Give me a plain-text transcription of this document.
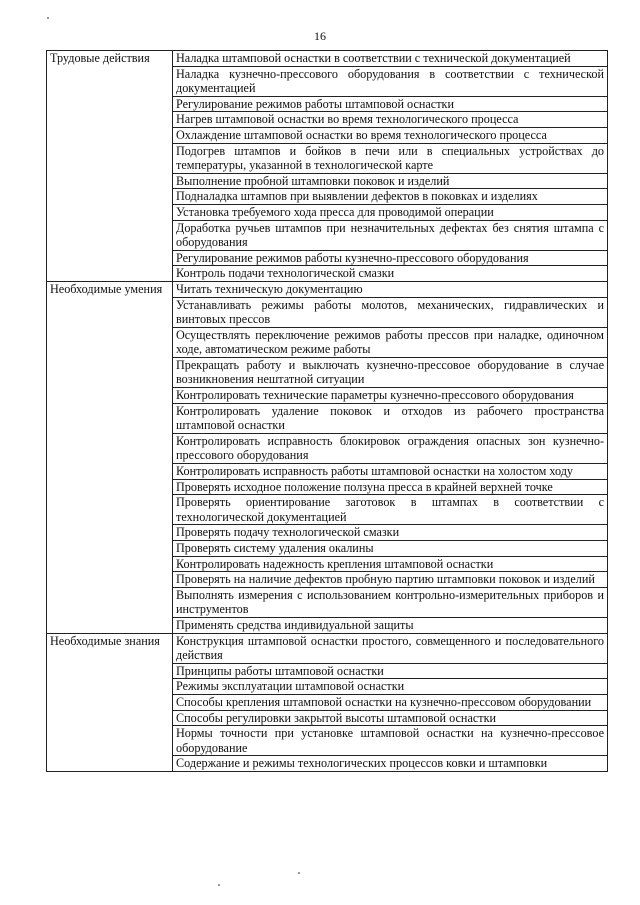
16
Трудовые действия	Наладка штамповой оснастки в соответствии с технической документацией
	Наладка кузнечно-прессового оборудования в соответствии с технической документацией
	Регулирование режимов работы штамповой оснастки
	Нагрев штамповой оснастки во время технологического процесса
	Охлаждение штамповой оснастки во время технологического процесса
	Подогрев штампов и бойков в печи или в специальных устройствах до температуры, указанной в технологической карте
	Выполнение пробной штамповки поковок и изделий
	Подналадка штампов при выявлении дефектов в поковках и изделиях
	Установка требуемого хода пресса для проводимой операции
	Доработка ручьев штампов при незначительных дефектах без снятия штампа с оборудования
	Регулирование режимов работы кузнечно-прессового оборудования
	Контроль подачи технологической смазки
Необходимые умения	Читать техническую документацию
	Устанавливать режимы работы молотов, механических, гидравлических и винтовых прессов
	Осуществлять переключение режимов работы прессов при наладке, одиночном ходе, автоматическом режиме работы
	Прекращать работу и выключать кузнечно-прессовое оборудование в случае возникновения нештатной ситуации
	Контролировать технические параметры кузнечно-прессового оборудования
	Контролировать удаление поковок и отходов из рабочего пространства штамповой оснастки
	Контролировать исправность блокировок ограждения опасных зон кузнечно-прессового оборудования
	Контролировать исправность работы штамповой оснастки на холостом ходу
	Проверять исходное положение ползуна пресса в крайней верхней точке
	Проверять ориентирование заготовок в штампах в соответствии с технологической документацией
	Проверять подачу технологической смазки
	Проверять систему удаления окалины
	Контролировать надежность крепления штамповой оснастки
	Проверять на наличие дефектов пробную партию штамповки поковок и изделий
	Выполнять измерения с использованием контрольно-измерительных приборов и инструментов
	Применять средства индивидуальной защиты
Необходимые знания	Конструкция штамповой оснастки простого, совмещенного и последовательного действия
	Принципы работы штамповой оснастки
	Режимы эксплуатации штамповой оснастки
	Способы крепления штамповой оснастки на кузнечно-прессовом оборудовании
	Способы регулировки закрытой высоты штамповой оснастки
	Нормы точности при установке штамповой оснастки на кузнечно-прессовое оборудование
	Содержание и режимы технологических процессов ковки и штамповки
